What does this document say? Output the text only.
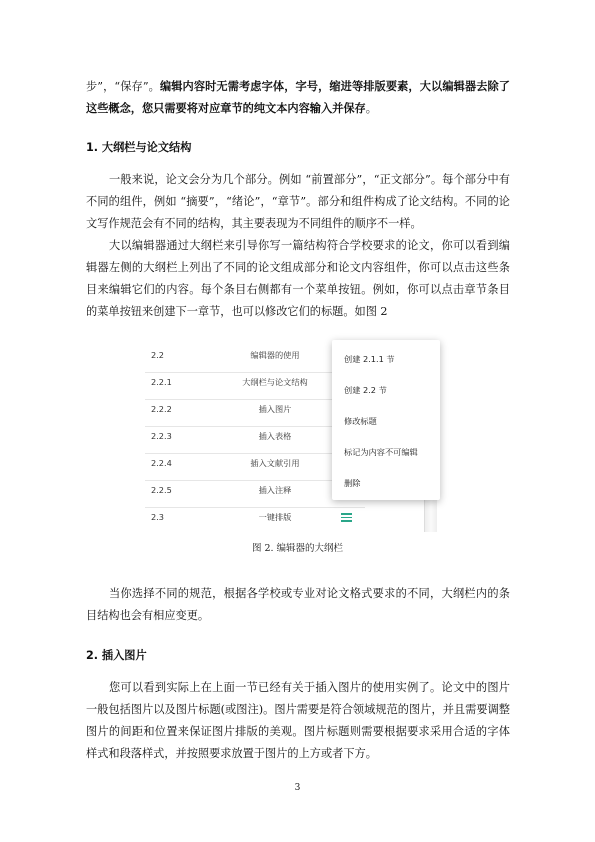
步”，“保存”。编辑内容时无需考虑字体，字号，缩进等排版要素，大以编辑器去除了这些概念，您只需要将对应章节的纯文本内容输入并保存。

1. 大纲栏与论文结构

一般来说，论文会分为几个部分。例如 “前置部分”，“正文部分”。每个部分中有不同的组件，例如 “摘要”，“绪论”，“章节”。部分和组件构成了论文结构。不同的论文写作规范会有不同的结构，其主要表现为不同组件的顺序不一样。

大以编辑器通过大纲栏来引导你写一篇结构符合学校要求的论文，你可以看到编辑器左侧的大纲栏上列出了不同的论文组成部分和论文内容组件，你可以点击这些条目来编辑它们的内容。每个条目右侧都有一个菜单按钮。例如，你可以点击章节条目的菜单按钮来创建下一章节，也可以修改它们的标题。如图 2

2.2	编辑器的使用
2.2.1	大纲栏与论文结构
2.2.2	插入图片
2.2.3	插入表格
2.2.4	插入文献引用
2.2.5	插入注释
2.3	一键排版
创建 2.1.1 节
创建 2.2 节
修改标题
标记为内容不可编辑
删除
图 2. 编辑器的大纲栏

当你选择不同的规范，根据各学校或专业对论文格式要求的不同，大纲栏内的条目结构也会有相应变更。

2. 插入图片

您可以看到实际上在上面一节已经有关于插入图片的使用实例了。论文中的图片一般包括图片以及图片标题(或图注)。图片需要是符合领域规范的图片，并且需要调整图片的间距和位置来保证图片排版的美观。图片标题则需要根据要求采用合适的字体样式和段落样式，并按照要求放置于图片的上方或者下方。

3
